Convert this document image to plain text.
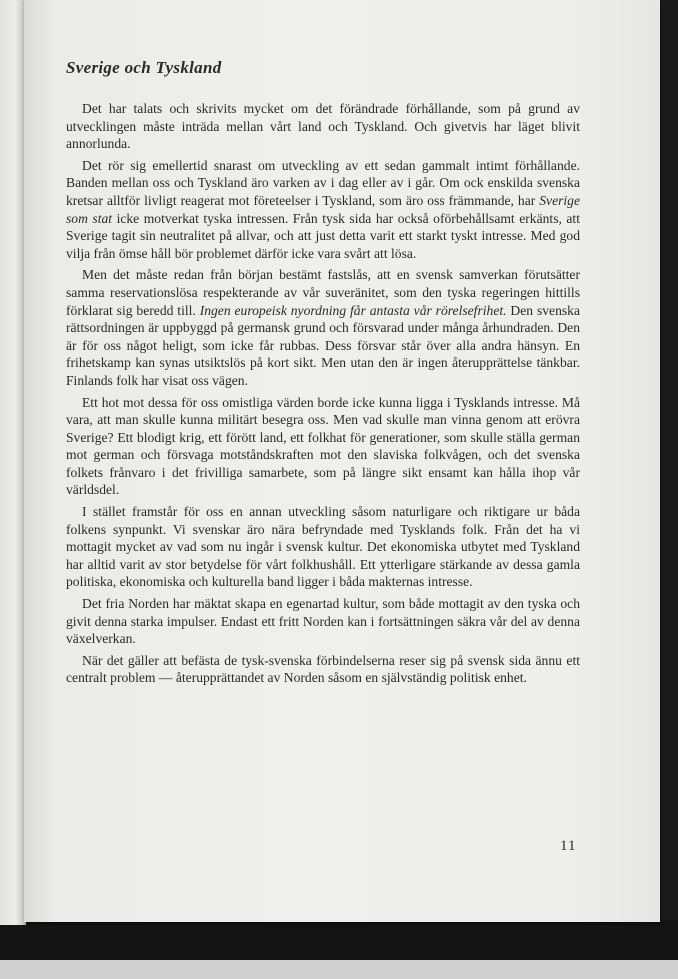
Sverige och Tyskland

Det har talats och skrivits mycket om det förändrade förhållande, som på grund av utvecklingen måste inträda mellan vårt land och Tyskland. Och givetvis har läget blivit annorlunda.

Det rör sig emellertid snarast om utveckling av ett sedan gammalt intimt förhållande. Banden mellan oss och Tyskland äro varken av i dag eller av i går. Om ock enskilda svenska kretsar alltför livligt reagerat mot företeelser i Tyskland, som äro oss främmande, har Sverige som stat icke motverkat tyska intressen. Från tysk sida har också oförbehållsamt erkänts, att Sverige tagit sin neutralitet på allvar, och att just detta varit ett starkt tyskt intresse. Med god vilja från ömse håll bör problemet därför icke vara svårt att lösa.

Men det måste redan från början bestämt fastslås, att en svensk samverkan förutsätter samma reservationslösa respekterande av vår suveränitet, som den tyska regeringen hittills förklarat sig beredd till. Ingen europeisk nyordning får antasta vår rörelsefrihet. Den svenska rättsordningen är uppbyggd på germansk grund och försvarad under många århundraden. Den är för oss något heligt, som icke får rubbas. Dess försvar står över alla andra hänsyn. En frihetskamp kan synas utsiktslös på kort sikt. Men utan den är ingen återupprättelse tänkbar. Finlands folk har visat oss vägen.

Ett hot mot dessa för oss omistliga värden borde icke kunna ligga i Tysklands intresse. Må vara, att man skulle kunna militärt besegra oss. Men vad skulle man vinna genom att erövra Sverige? Ett blodigt krig, ett förött land, ett folkhat för generationer, som skulle ställa german mot german och försvaga motståndskraften mot den slaviska folkvågen, och det svenska folkets frånvaro i det frivilliga samarbete, som på längre sikt ensamt kan hålla ihop vår världsdel.

I stället framstår för oss en annan utveckling såsom naturligare och riktigare ur båda folkens synpunkt. Vi svenskar äro nära befryndade med Tysklands folk. Från det ha vi mottagit mycket av vad som nu ingår i svensk kultur. Det ekonomiska utbytet med Tyskland har alltid varit av stor betydelse för vårt folkhushåll. Ett ytterligare stärkande av dessa gamla politiska, ekonomiska och kulturella band ligger i båda makternas intresse.

Det fria Norden har mäktat skapa en egenartad kultur, som både mottagit av den tyska och givit denna starka impulser. Endast ett fritt Norden kan i fortsättningen säkra vår del av denna växelverkan.

När det gäller att befästa de tysk-svenska förbindelserna reser sig på svensk sida ännu ett centralt problem — återupprättandet av Norden såsom en självständig politisk enhet.

11
